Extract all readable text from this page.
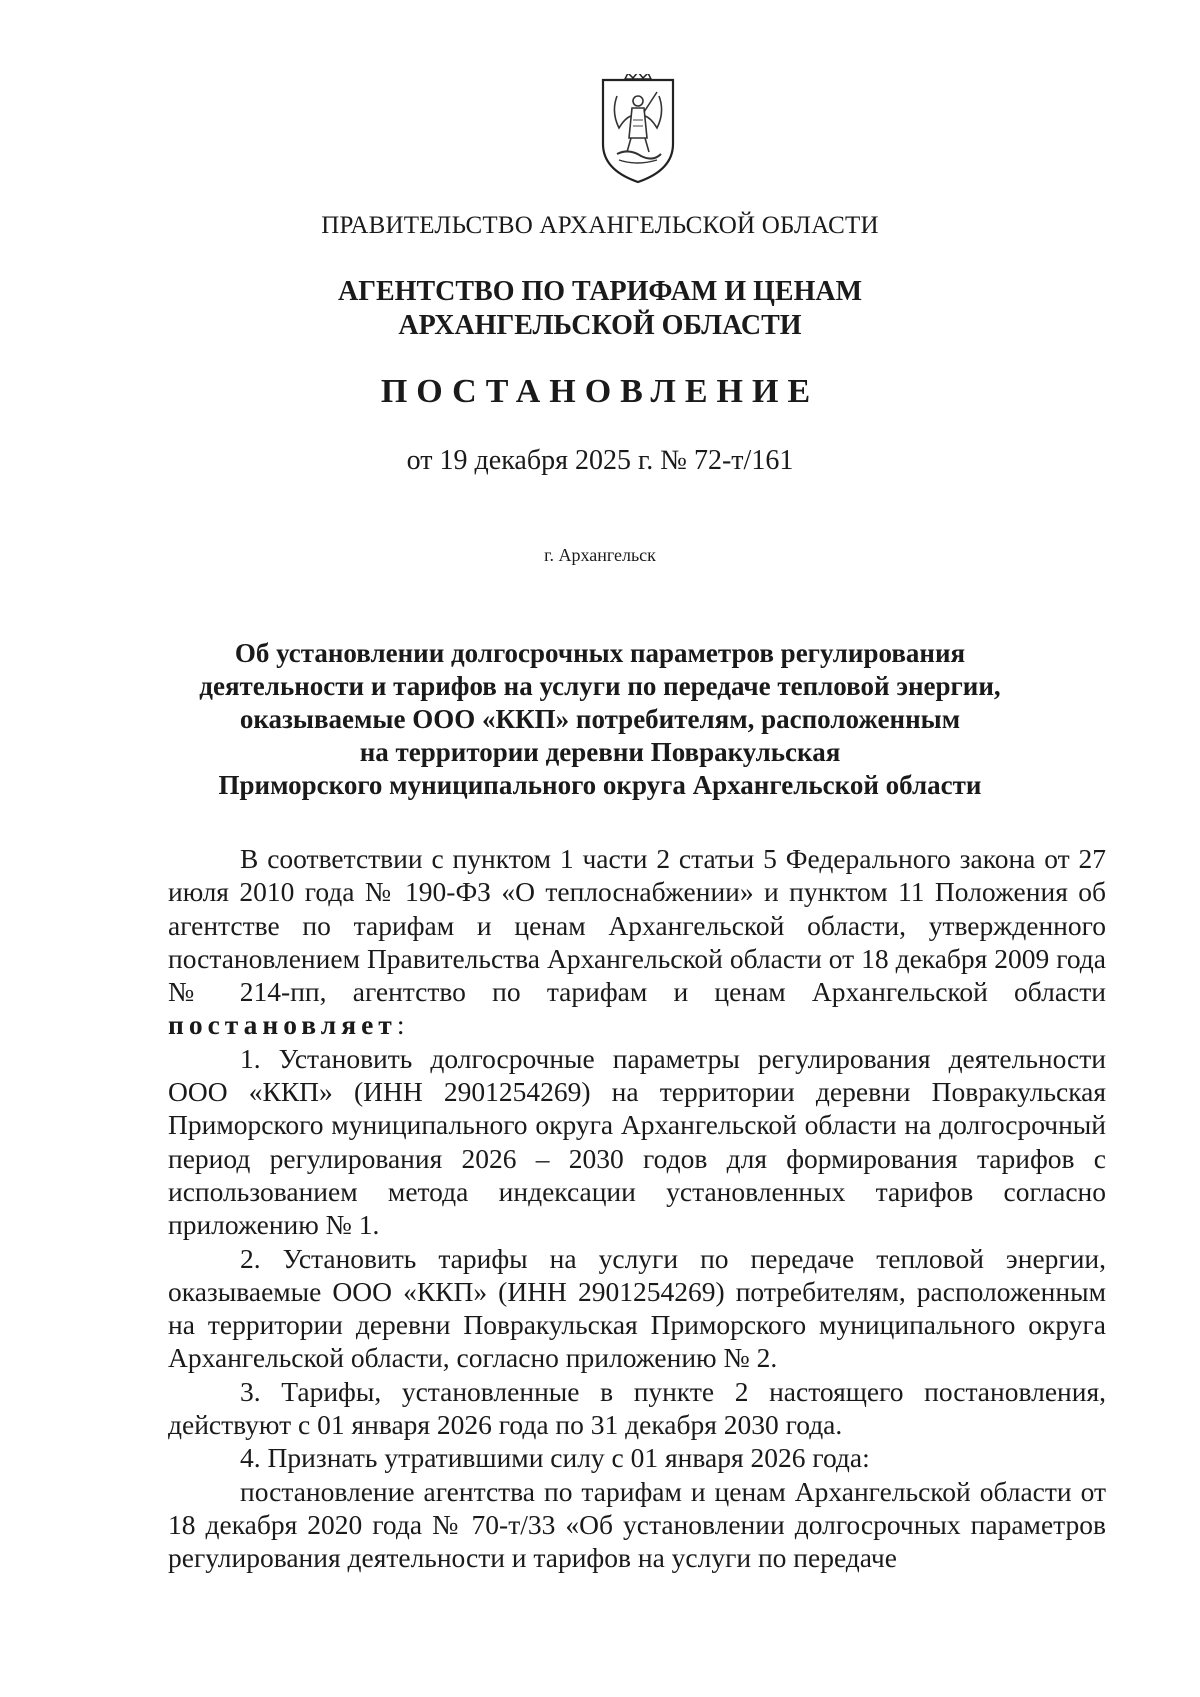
ПРАВИТЕЛЬСТВО АРХАНГЕЛЬСКОЙ ОБЛАСТИ
АГЕНТСТВО ПО ТАРИФАМ И ЦЕНАМ
АРХАНГЕЛЬСКОЙ ОБЛАСТИ
ПОСТАНОВЛЕНИЕ
от 19 декабря 2025 г. № 72-т/161
г. Архангельск
Об установлении долгосрочных параметров регулирования
деятельности и тарифов на услуги по передаче тепловой энергии,
оказываемые ООО «ККП» потребителям, расположенным
на территории деревни Повракульская
Приморского муниципального округа Архангельской области

В соответствии с пунктом 1 части 2 статьи 5 Федерального закона от 27 июля 2010 года № 190-ФЗ «О теплоснабжении» и пунктом 11 Положения об агентстве по тарифам и ценам Архангельской области, утвержденного постановлением Правительства Архангельской области от 18 декабря 2009 года № 214-пп, агентство по тарифам и ценам Архангельской области постановляет:

1. Установить долгосрочные параметры регулирования деятельности ООО «ККП» (ИНН 2901254269) на территории деревни Повракульская Приморского муниципального округа Архангельской области на долгосрочный период регулирования 2026 – 2030 годов для формирования тарифов с использованием метода индексации установленных тарифов согласно приложению № 1.

2. Установить тарифы на услуги по передаче тепловой энергии, оказываемые ООО «ККП» (ИНН 2901254269) потребителям, расположенным на территории деревни Повракульская Приморского муниципального округа Архангельской области, согласно приложению № 2.

3. Тарифы, установленные в пункте 2 настоящего постановления, действуют с 01 января 2026 года по 31 декабря 2030 года.

4. Признать утратившими силу с 01 января 2026 года:

постановление агентства по тарифам и ценам Архангельской области от 18 декабря 2020 года № 70-т/33 «Об установлении долгосрочных параметров регулирования деятельности и тарифов на услуги по передаче
